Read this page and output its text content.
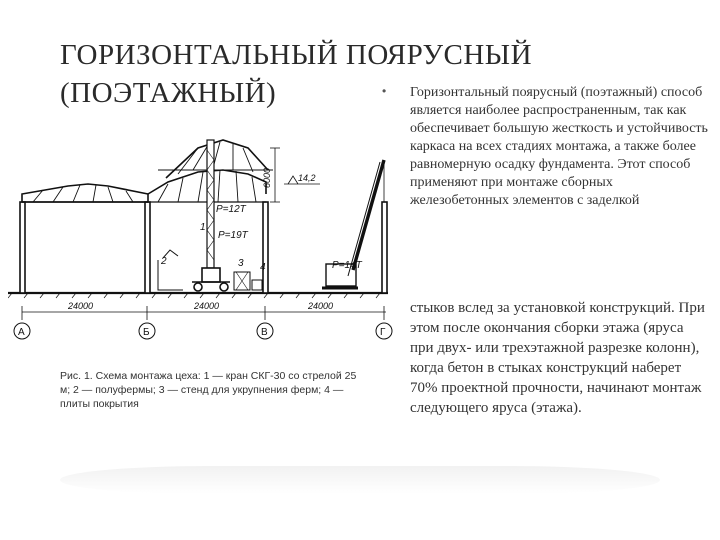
ГОРИЗОНТАЛЬНЫЙ ПОЯРУСНЫЙ
(ПОЭТАЖНЫЙ)
24000	24000	24000
А	Б	В	Г
6000	14,2
P=12T
P=19T
P=14T
1
2	3 4
Рис. 1. Схема монтажа цеха: 1 — кран СКГ-30 со стрелой 25 м; 2 — полуфермы; 3 — стенд для укрупнения ферм; 4 — плиты покрытия
• Горизонтальный поярусный (поэтажный) способ является наиболее распространенным, так как обеспечивает большую жесткость и устойчивость каркаса на всех стадиях монтажа, а также более равномерную осадку фундамента. Этот способ применяют при монтаже сборных железобетонных элементов с заделкой
стыков вслед за установкой конструкций. При этом после окончания сборки этажа (яруса при двух- или трехэтажной разрезке колонн), когда бетон в стыках конструкций наберет 70% проектной прочности, начинают монтаж следующего яруса (этажа).
